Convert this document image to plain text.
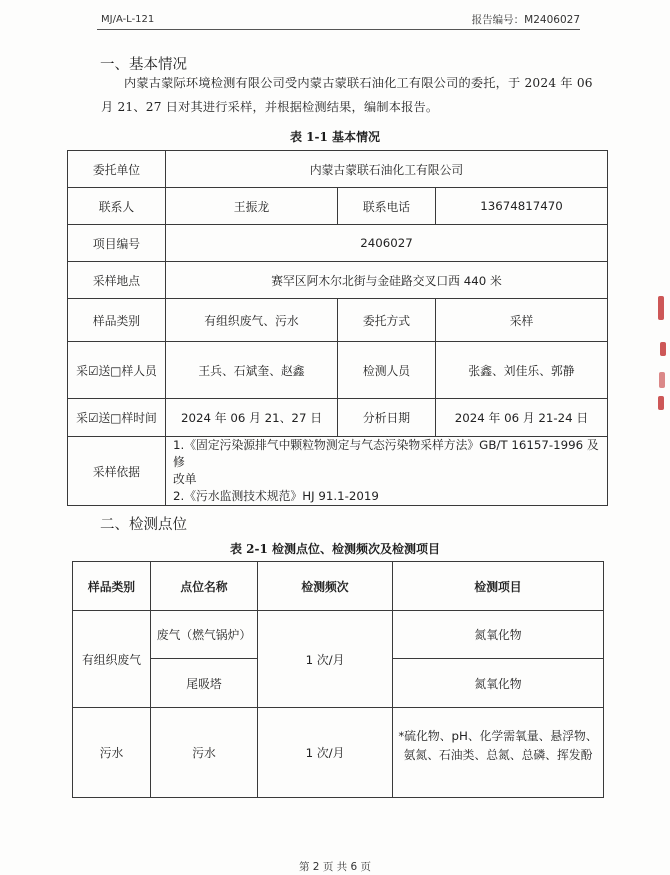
MJ/A-L-121	报告编号：M2406027
一、基本情况
内蒙古蒙际环境检测有限公司受内蒙古蒙联石油化工有限公司的委托，于 2024 年 06
月 21、27 日对其进行采样，并根据检测结果，编制本报告。
表 1-1 基本情况
委托单位	内蒙古蒙联石油化工有限公司		
联系人	王振龙	联系电话	13674817470
项目编号	2406027		
采样地点	赛罕区阿木尔北街与金硅路交叉口西 440 米		
样品类别	有组织废气、污水	委托方式	采样
采☑送□样人员	王兵、石斌奎、赵鑫	检测人员	张鑫、刘佳乐、郭静
采☑送□样时间	2024 年 06 月 21、27 日	分析日期	2024 年 06 月 21-24 日
采样依据	1.《固定污染源排气中颗粒物测定与气态污染物采样方法》GB/T 16157-1996 及修
改单
2.《污水监测技术规范》HJ 91.1-2019		
二、检测点位
表 2-1 检测点位、检测频次及检测项目
样品类别	点位名称	检测频次	检测项目
有组织废气	废气（燃气锅炉）	1 次/月	氮氧化物
	尾吸塔		氮氧化物
污水	污水	1 次/月	*硫化物、pH、化学需氧量、悬浮物、
氨氮、石油类、总氮、总磷、挥发酚
第 2 页 共 6 页
